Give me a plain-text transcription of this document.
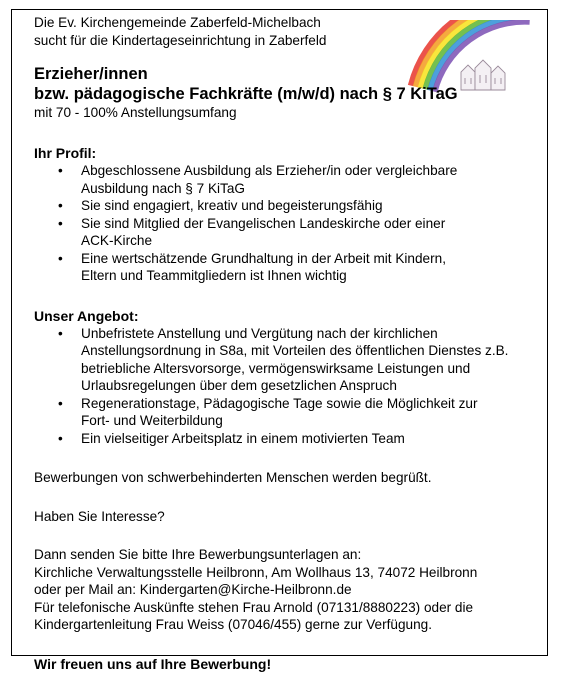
Die Ev. Kirchengemeinde Zaberfeld-Michelbach

sucht für die Kindertageseinrichtung in Zaberfeld

Erzieher/innen

bzw. pädagogische Fachkräfte (m/w/d) nach § 7 KiTaG

mit 70 - 100% Anstellungsumfang

Ihr Profil:

• Abgeschlossene Ausbildung als Erzieher/in oder vergleichbare
Ausbildung nach § 7 KiTaG
• Sie sind engagiert, kreativ und begeisterungsfähig
• Sie sind Mitglied der Evangelischen Landeskirche oder einer
ACK-Kirche
• Eine wertschätzende Grundhaltung in der Arbeit mit Kindern,
Eltern und Teammitgliedern ist Ihnen wichtig

Unser Angebot:

• Unbefristete Anstellung und Vergütung nach der kirchlichen
Anstellungsordnung in S8a, mit Vorteilen des öffentlichen Dienstes z.B.
betriebliche Altersvorsorge, vermögenswirksame Leistungen und
Urlaubsregelungen über dem gesetzlichen Anspruch
• Regenerationstage, Pädagogische Tage sowie die Möglichkeit zur
Fort- und Weiterbildung
• Ein vielseitiger Arbeitsplatz in einem motivierten Team

Bewerbungen von schwerbehinderten Menschen werden begrüßt.

Haben Sie Interesse?

Dann senden Sie bitte Ihre Bewerbungsunterlagen an:

Kirchliche Verwaltungsstelle Heilbronn, Am Wollhaus 13, 74072 Heilbronn

oder per Mail an: Kindergarten@Kirche-Heilbronn.de

Für telefonische Auskünfte stehen Frau Arnold (07131/8880223) oder die

Kindergartenleitung Frau Weiss (07046/455) gerne zur Verfügung.

Wir freuen uns auf Ihre Bewerbung!
